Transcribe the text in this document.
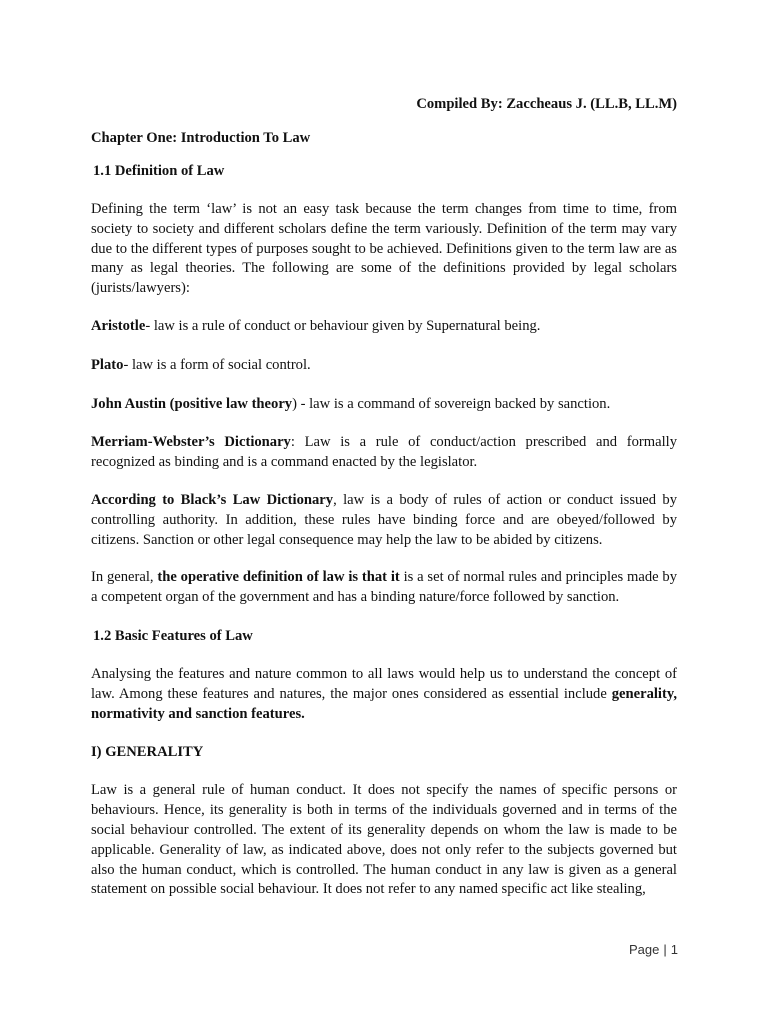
Compiled By: Zaccheaus J. (LL.B, LL.M)
Chapter One: Introduction To Law
1.1 Definition of Law

Defining the term ‘law’ is not an easy task because the term changes from time to time, from society to society and different scholars define the term variously. Definition of the term may vary due to the different types of purposes sought to be achieved. Definitions given to the term law are as many as legal theories. The following are some of the definitions provided by legal scholars (jurists/lawyers):

Aristotle- law is a rule of conduct or behaviour given by Supernatural being.

Plato- law is a form of social control.

John Austin (positive law theory) - law is a command of sovereign backed by sanction.

Merriam-Webster’s Dictionary: Law is a rule of conduct/action prescribed and formally recognized as binding and is a command enacted by the legislator.

According to Black’s Law Dictionary, law is a body of rules of action or conduct issued by controlling authority. In addition, these rules have binding force and are obeyed/followed by citizens. Sanction or other legal consequence may help the law to be abided by citizens.

In general, the operative definition of law is that it is a set of normal rules and principles made by a competent organ of the government and has a binding nature/force followed by sanction.

1.2 Basic Features of Law

Analysing the features and nature common to all laws would help us to understand the concept of law. Among these features and natures, the major ones considered as essential include generality, normativity and sanction features.

I) GENERALITY

Law is a general rule of human conduct. It does not specify the names of specific persons or behaviours. Hence, its generality is both in terms of the individuals governed and in terms of the social behaviour controlled. The extent of its generality depends on whom the law is made to be applicable. Generality of law, as indicated above, does not only refer to the subjects governed but also the human conduct, which is controlled. The human conduct in any law is given as a general statement on possible social behaviour. It does not refer to any named specific act like stealing,

Page | 1
